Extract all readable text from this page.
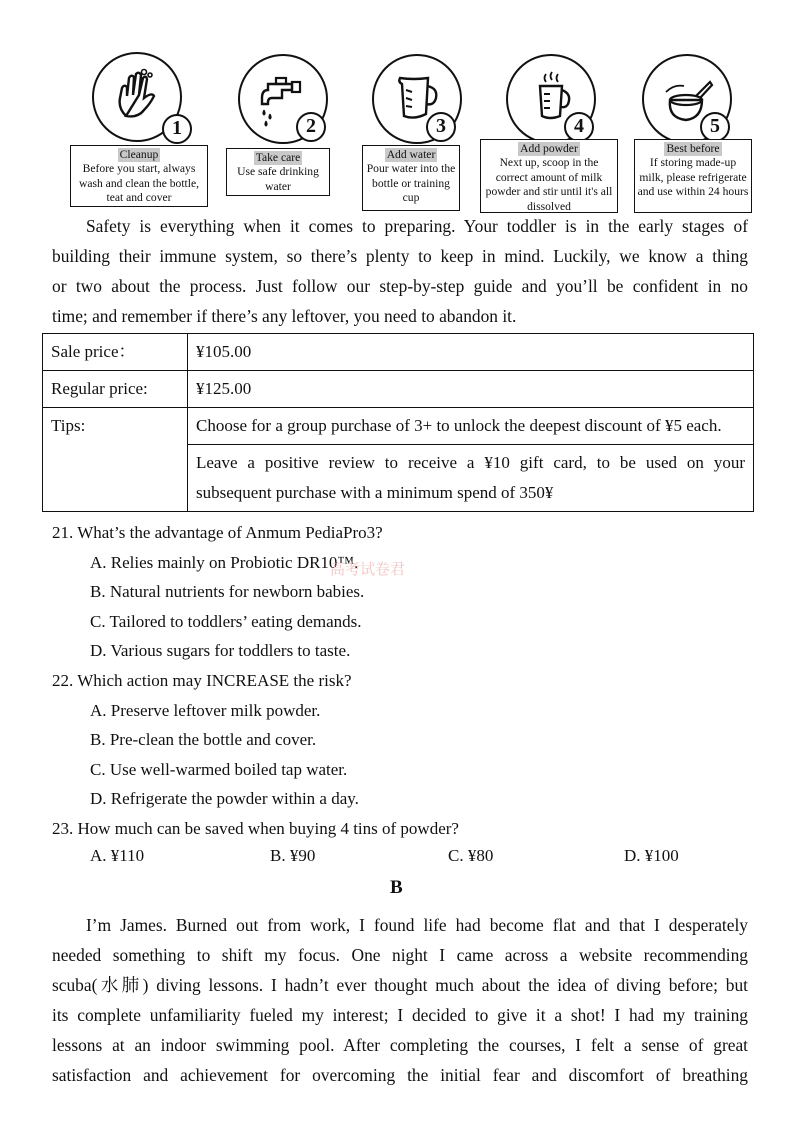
1
Cleanup
Before you start, always wash and clean the bottle, teat and cover
2
Take care
Use safe drinking water
3
Add water
Pour water into the bottle or training cup
4
Add powder
Next up, scoop in the correct amount of milk powder and stir until it's all dissolved
5
Best before
If storing made-up milk, please refrigerate and use within 24 hours
Safety is everything when it comes to preparing. Your toddler is in the early stages of
building their immune system, so there’s plenty to keep in mind. Luckily, we know a thing
or two about the process. Just follow our step-by-step guide and you’ll be confident in no
time; and remember if there’s any leftover, you need to abandon it.
Sale price：	¥105.00
Regular price:	¥125.00
Tips:	Choose for a group purchase of 3+ to unlock the deepest discount of ¥5 each.
	Leave a positive review to receive a ¥10 gift card, to be used on your subsequent purchase with a minimum spend of 350¥
21. What’s the advantage of Anmum PediaPro3?
A. Relies mainly on Probiotic DR10™.
高考试卷君
B. Natural nutrients for newborn babies.
C. Tailored to toddlers’ eating demands.
D. Various sugars for toddlers to taste.
22. Which action may INCREASE the risk?
A. Preserve leftover milk powder.
B. Pre-clean the bottle and cover.
C. Use well-warmed boiled tap water.
D. Refrigerate the powder within a day.
23. How much can be saved when buying 4 tins of powder?
A. ¥110	B. ¥90	C. ¥80	D. ¥100
B
I’m James. Burned out from work, I found life had become flat and that I desperately
needed something to shift my focus. One night I came across a website recommending
scuba(水肺) diving lessons. I hadn’t ever thought much about the idea of diving before; but
its complete unfamiliarity fueled my interest; I decided to give it a shot! I had my training
lessons at an indoor swimming pool. After completing the courses, I felt a sense of great
satisfaction and achievement for overcoming the initial fear and discomfort of breathing
